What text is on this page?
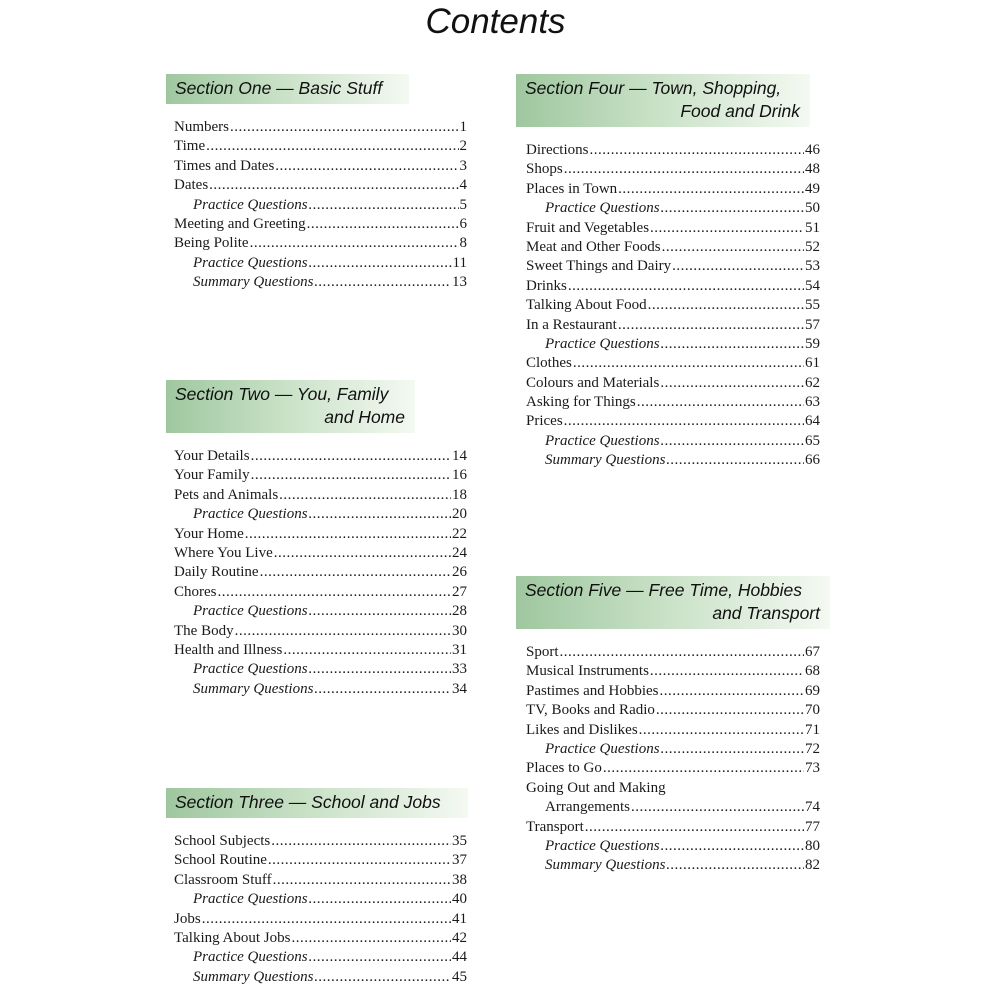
Contents
Section One — Basic Stuff
Numbers .....	1
Time .....	2
Times and Dates .....	3
Dates .....	4
Practice Questions .....	5
Meeting and Greeting .....	6
Being Polite .....	8
Practice Questions .....	11
Summary Questions .....	13
Section Two — You, Family
and Home
Your Details .....	14
Your Family .....	16
Pets and Animals .....	18
Practice Questions .....	20
Your Home .....	22
Where You Live .....	24
Daily Routine .....	26
Chores .....	27
Practice Questions .....	28
The Body .....	30
Health and Illness .....	31
Practice Questions .....	33
Summary Questions .....	34
Section Three — School and Jobs
School Subjects .....	35
School Routine .....	37
Classroom Stuff .....	38
Practice Questions .....	40
Jobs .....	41
Talking About Jobs .....	42
Practice Questions .....	44
Summary Questions .....	45
Section Four — Town, Shopping,
Food and Drink
Directions .....	46
Shops .....	48
Places in Town .....	49
Practice Questions .....	50
Fruit and Vegetables .....	51
Meat and Other Foods .....	52
Sweet Things and Dairy .....	53
Drinks .....	54
Talking About Food .....	55
In a Restaurant .....	57
Practice Questions .....	59
Clothes .....	61
Colours and Materials .....	62
Asking for Things .....	63
Prices .....	64
Practice Questions .....	65
Summary Questions .....	66
Section Five — Free Time, Hobbies
and Transport
Sport .....	67
Musical Instruments .....	68
Pastimes and Hobbies .....	69
TV, Books and Radio .....	70
Likes and Dislikes .....	71
Practice Questions .....	72
Places to Go .....	73
Going Out and Making
Arrangements .....	74
Transport .....	77
Practice Questions .....	80
Summary Questions .....	82
